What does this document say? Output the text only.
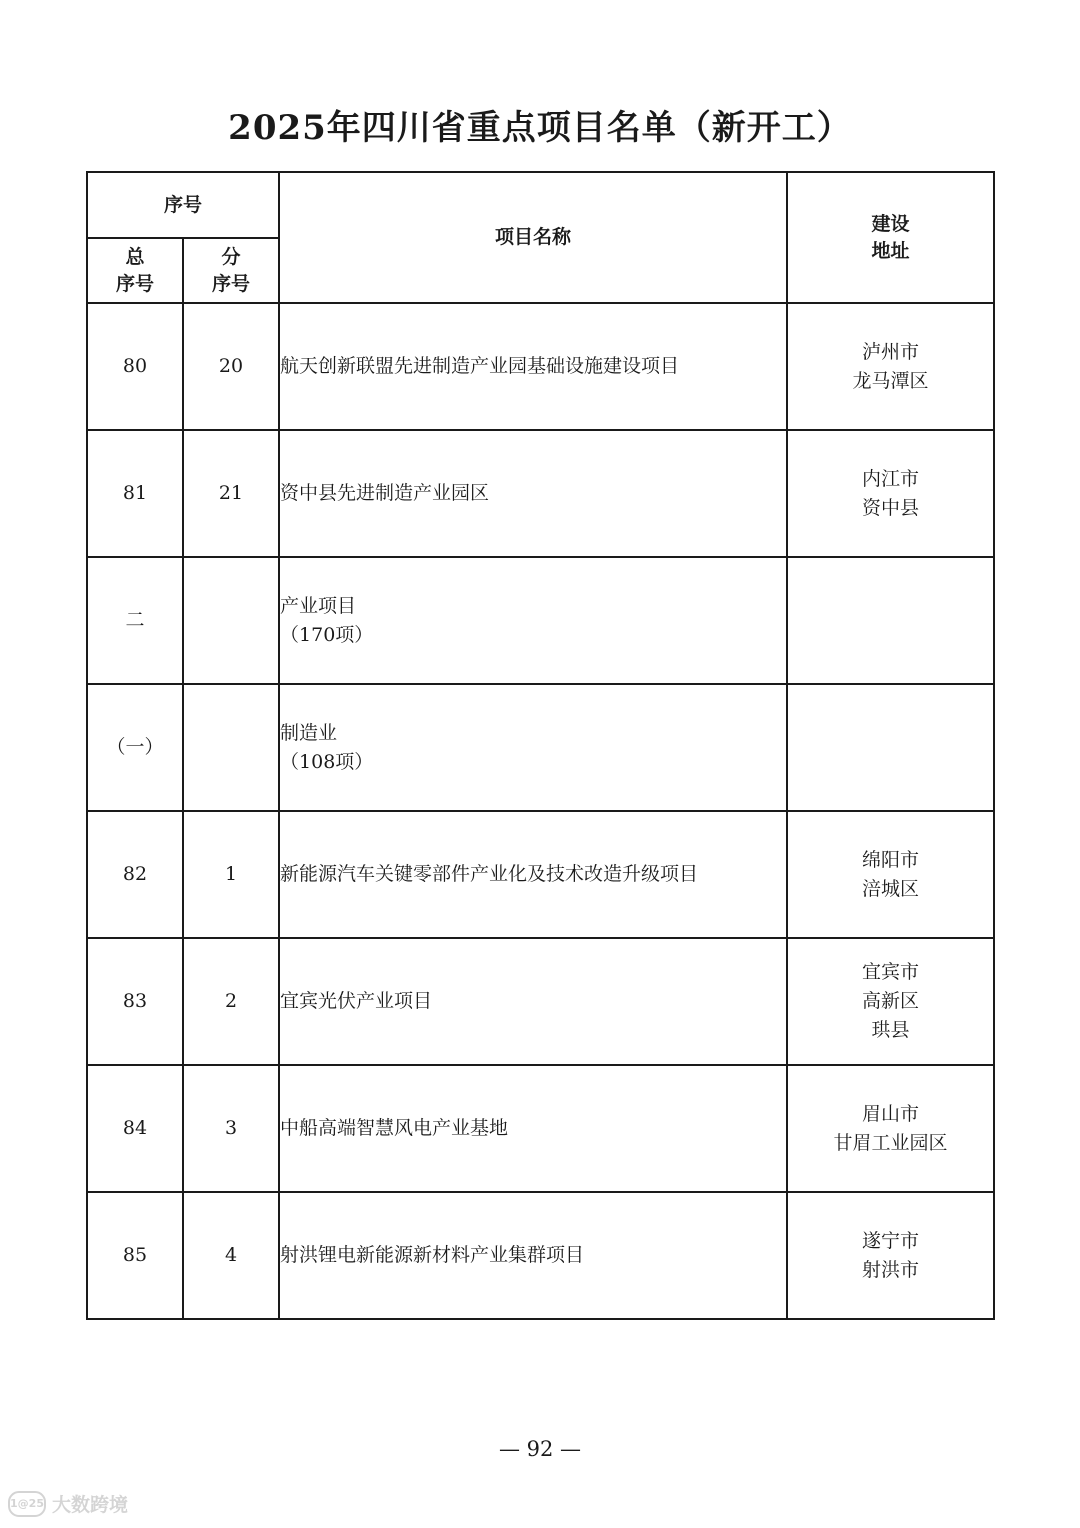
2025年四川省重点项目名单（新开工）
序号		项目名称	建设
地址

总
序号	分
序号		

80	20	航天创新联盟先进制造产业园基础设施建设项目	泸州市
龙马潭区

81	21	资中县先进制造产业园区	内江市
资中县

二		产业项目
（170项）	

（一）		制造业
（108项）	

82	1	新能源汽车关键零部件产业化及技术改造升级项目	绵阳市
涪城区

83	2	宜宾光伏产业项目	宜宾市
高新区
珙县

84	3	中船高端智慧风电产业基地	眉山市
甘眉工业园区

85	4	射洪锂电新能源新材料产业集群项目	遂宁市
射洪市
— 92 —
1@25 大数跨境
